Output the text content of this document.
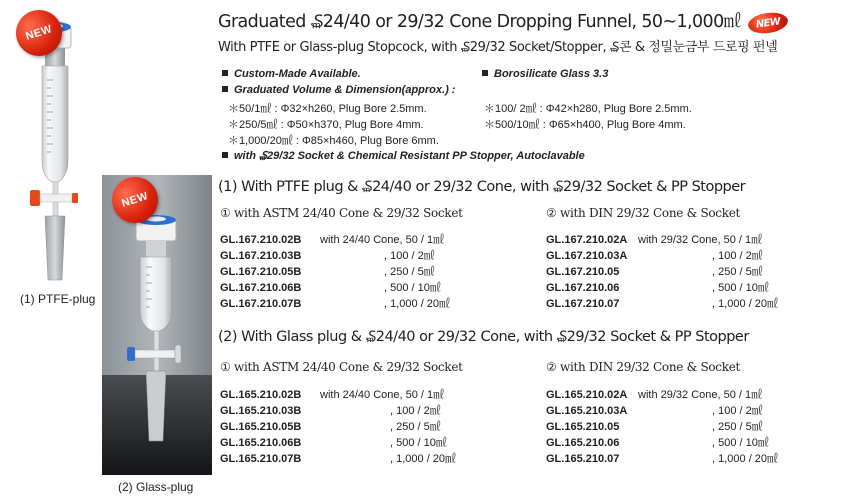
NEW
(1) PTFE-plug
NEW
(2) Glass-plug
Graduated ₷24/40 or 29/32 Cone Dropping Funnel, 50~1,000㎖ NEW
With PTFE or Glass-plug Stopcock, with ₷29/32 Socket/Stopper, ₷콘 & 정밀눈금부 드로핑 펀넬
Custom-Made Available.	Borosilicate Glass 3.3
Graduated Volume & Dimension(approx.) :
＊50/1㎖ : Φ32×h260, Plug Bore 2.5mm.
＊250/5㎖ : Φ50×h370, Plug Bore 4mm.
＊1,000/20㎖ : Φ85×h460, Plug Bore 6mm.
＊100/ 2㎖ : Φ42×h280, Plug Bore 2.5mm.
＊500/10㎖ : Φ65×h400, Plug Bore 4mm.
with ₷29/32 Socket & Chemical Resistant PP Stopper, Autoclavable
(1) With PTFE plug & ₷24/40 or 29/32 Cone, with ₷29/32 Socket & PP Stopper
① with ASTM 24/40 Cone & 29/32 Socket	② with DIN 29/32 Cone & Socket
GL.167.210.02B with 24/40 Cone, 50 / 1㎖
GL.167.210.03B	, 100 / 2㎖
GL.167.210.05B	, 250 / 5㎖
GL.167.210.06B	, 500 / 10㎖
GL.167.210.07B	, 1,000 / 20㎖
GL.167.210.02A with 29/32 Cone, 50 / 1㎖
GL.167.210.03A	, 100 / 2㎖
GL.167.210.05	, 250 / 5㎖
GL.167.210.06	, 500 / 10㎖
GL.167.210.07	, 1,000 / 20㎖
(2) With Glass plug & ₷24/40 or 29/32 Cone, with ₷29/32 Socket & PP Stopper
① with ASTM 24/40 Cone & 29/32 Socket	② with DIN 29/32 Cone & Socket
GL.165.210.02B with 24/40 Cone, 50 / 1㎖
GL.165.210.03B	, 100 / 2㎖
GL.165.210.05B	, 250 / 5㎖
GL.165.210.06B	, 500 / 10㎖
GL.165.210.07B	, 1,000 / 20㎖
GL.165.210.02A with 29/32 Cone, 50 / 1㎖
GL.165.210.03A	, 100 / 2㎖
GL.165.210.05	, 250 / 5㎖
GL.165.210.06	, 500 / 10㎖
GL.165.210.07	, 1,000 / 20㎖
